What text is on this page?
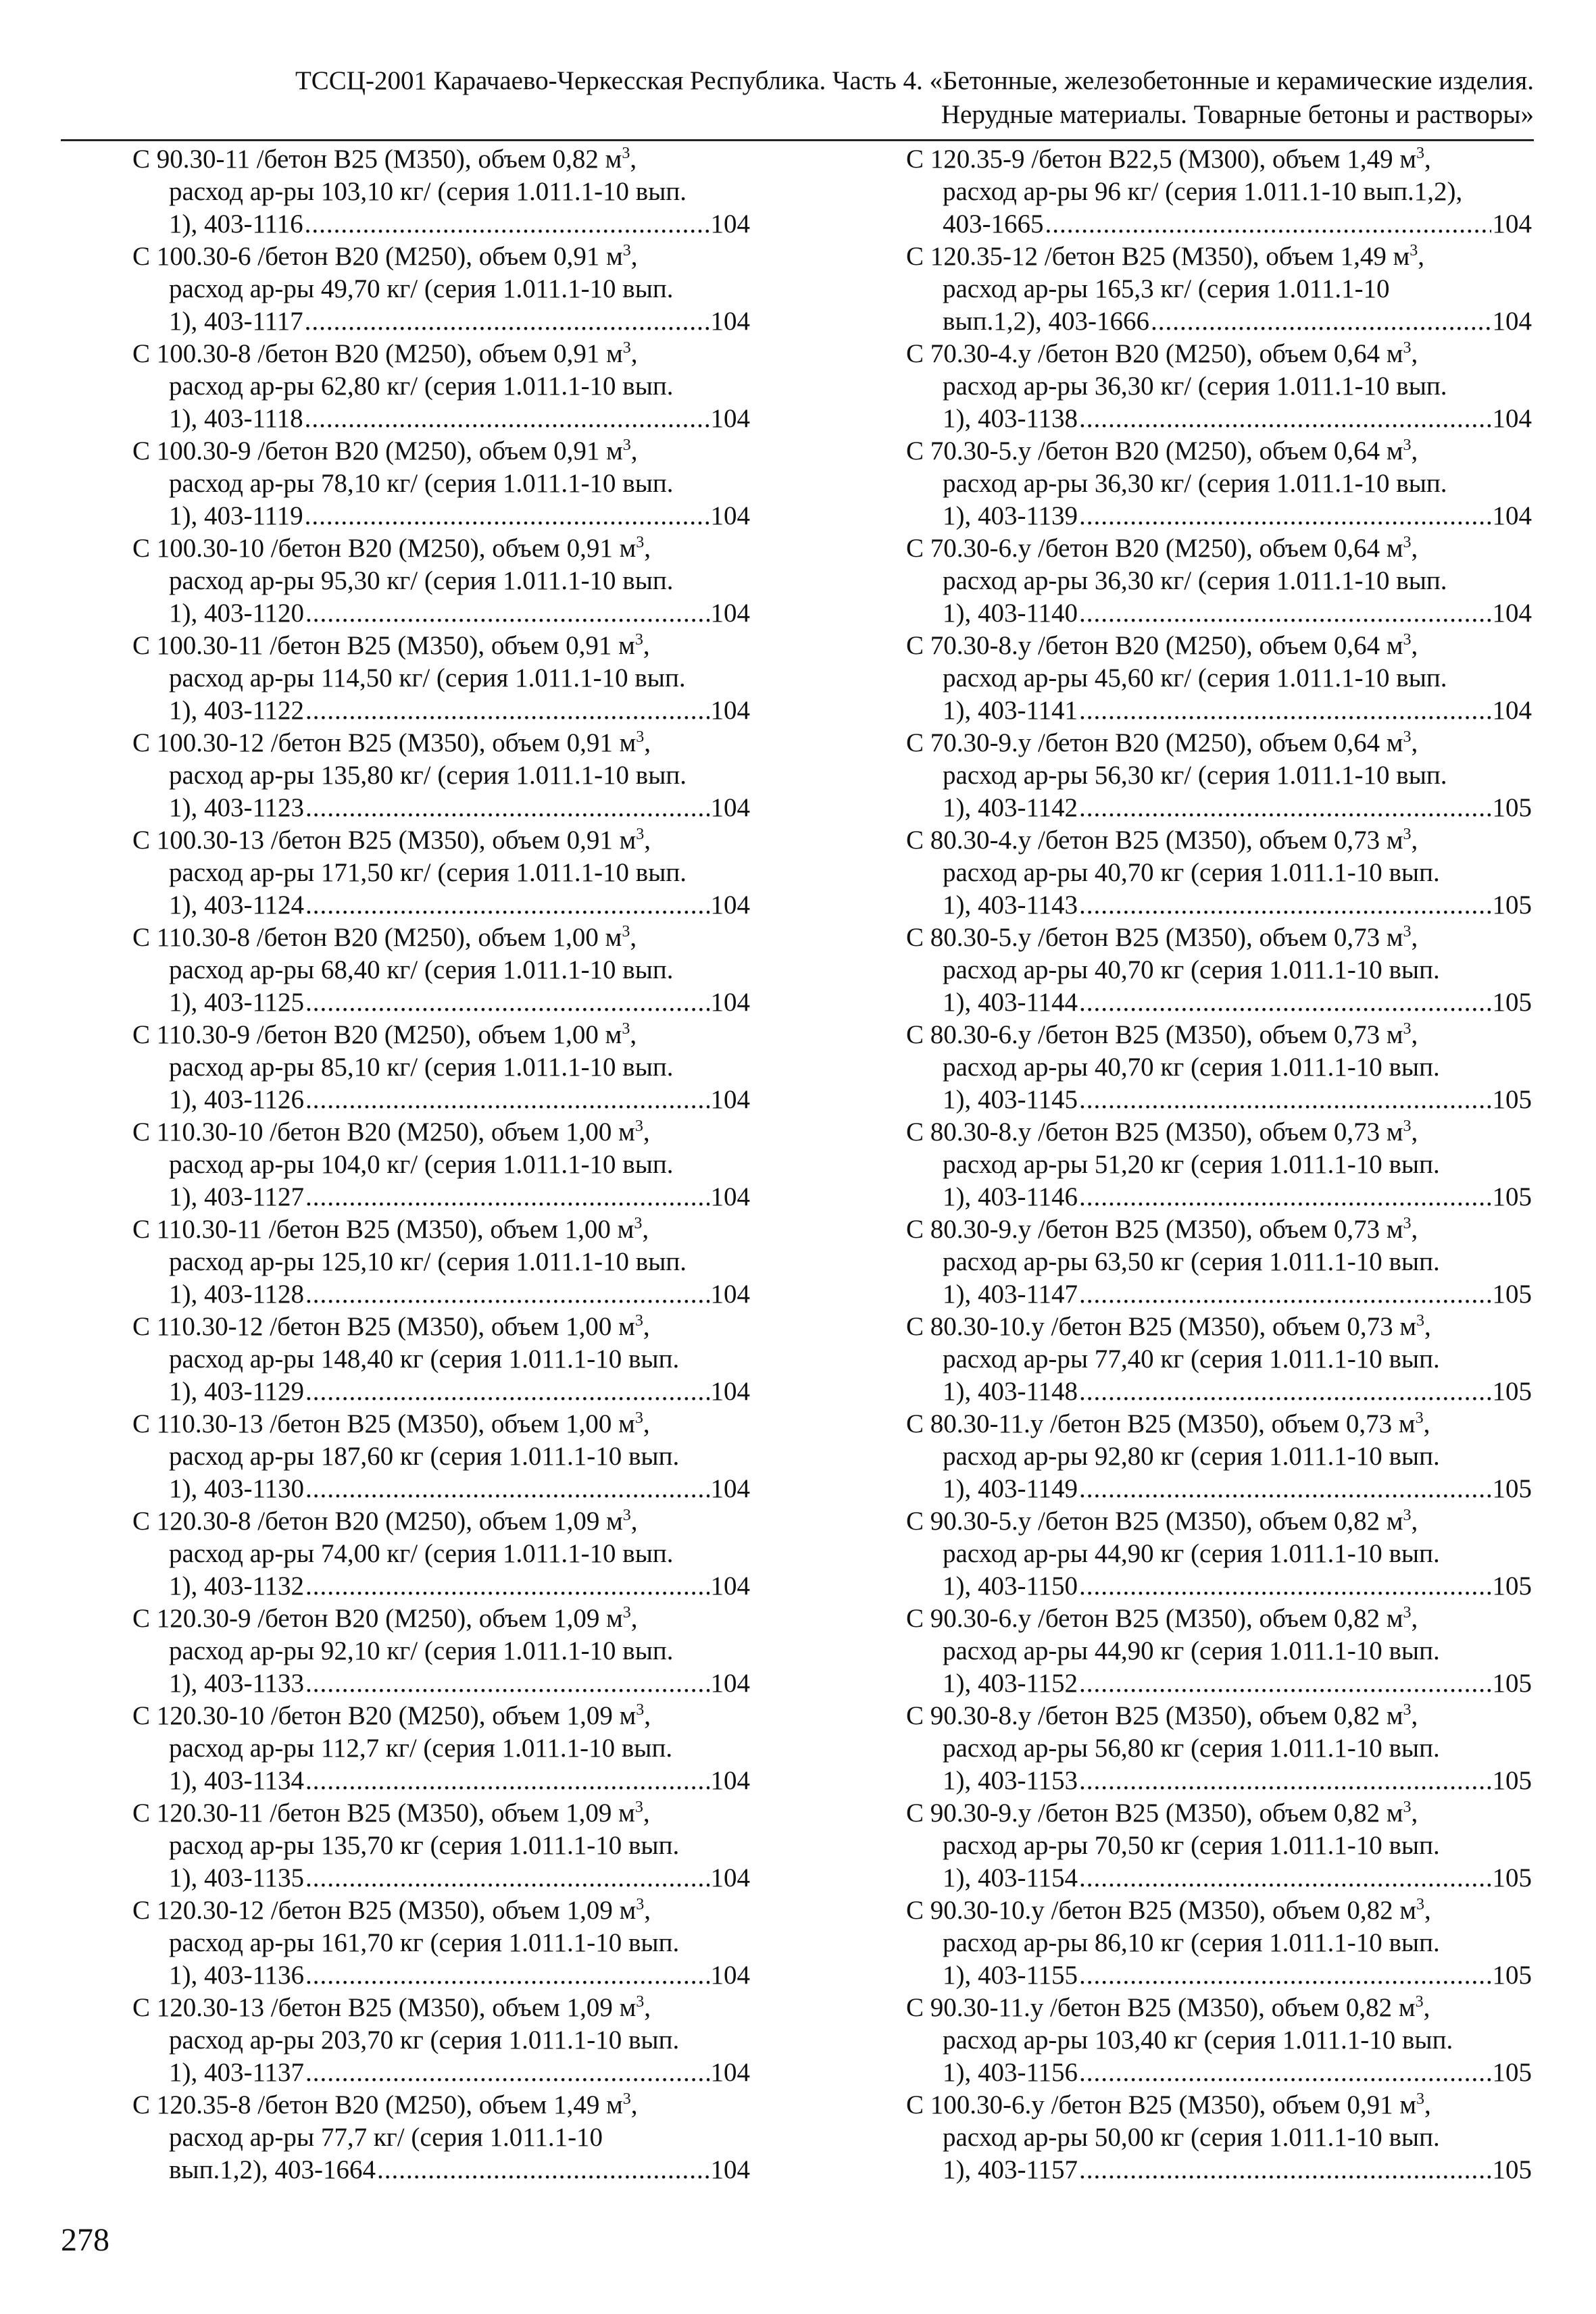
ТССЦ-2001 Карачаево-Черкесская Республика. Часть 4. «Бетонные, железобетонные и керамические изделия.
Нерудные материалы. Товарные бетоны и растворы»
С 90.30-11 /бетон В25 (М350), объем 0,82 $м^3$,
расход ар-ры 103,10 кг/ (серия 1.011.1-10 вып.
1), 403-1116 .....	104
С 100.30-6 /бетон В20 (М250), объем 0,91 $м^3$,
расход ар-ры 49,70 кг/ (серия 1.011.1-10 вып.
1), 403-1117 .....	104
С 100.30-8 /бетон В20 (М250), объем 0,91 $м^3$,
расход ар-ры 62,80 кг/ (серия 1.011.1-10 вып.
1), 403-1118 .....	104
С 100.30-9 /бетон В20 (М250), объем 0,91 $м^3$,
расход ар-ры 78,10 кг/ (серия 1.011.1-10 вып.
1), 403-1119 .....	104
С 100.30-10 /бетон В20 (М250), объем 0,91 $м^3$,
расход ар-ры 95,30 кг/ (серия 1.011.1-10 вып.
1), 403-1120 .....	104
С 100.30-11 /бетон В25 (М350), объем 0,91 $м^3$,
расход ар-ры 114,50 кг/ (серия 1.011.1-10 вып.
1), 403-1122 .....	104
С 100.30-12 /бетон В25 (М350), объем 0,91 $м^3$,
расход ар-ры 135,80 кг/ (серия 1.011.1-10 вып.
1), 403-1123 .....	104
С 100.30-13 /бетон В25 (М350), объем 0,91 $м^3$,
расход ар-ры 171,50 кг/ (серия 1.011.1-10 вып.
1), 403-1124 .....	104
С 110.30-8 /бетон В20 (М250), объем 1,00 $м^3$,
расход ар-ры 68,40 кг/ (серия 1.011.1-10 вып.
1), 403-1125 .....	104
С 110.30-9 /бетон В20 (М250), объем 1,00 $м^3$,
расход ар-ры 85,10 кг/ (серия 1.011.1-10 вып.
1), 403-1126 .....	104
С 110.30-10 /бетон В20 (М250), объем 1,00 $м^3$,
расход ар-ры 104,0 кг/ (серия 1.011.1-10 вып.
1), 403-1127 .....	104
С 110.30-11 /бетон В25 (М350), объем 1,00 $м^3$,
расход ар-ры 125,10 кг/ (серия 1.011.1-10 вып.
1), 403-1128 .....	104
С 110.30-12 /бетон В25 (М350), объем 1,00 $м^3$,
расход ар-ры 148,40 кг (серия 1.011.1-10 вып.
1), 403-1129 .....	104
С 110.30-13 /бетон В25 (М350), объем 1,00 $м^3$,
расход ар-ры 187,60 кг (серия 1.011.1-10 вып.
1), 403-1130 .....	104
С 120.30-8 /бетон В20 (М250), объем 1,09 $м^3$,
расход ар-ры 74,00 кг/ (серия 1.011.1-10 вып.
1), 403-1132 .....	104
С 120.30-9 /бетон В20 (М250), объем 1,09 $м^3$,
расход ар-ры 92,10 кг/ (серия 1.011.1-10 вып.
1), 403-1133 .....	104
С 120.30-10 /бетон В20 (М250), объем 1,09 $м^3$,
расход ар-ры 112,7 кг/ (серия 1.011.1-10 вып.
1), 403-1134 .....	104
С 120.30-11 /бетон В25 (М350), объем 1,09 $м^3$,
расход ар-ры 135,70 кг (серия 1.011.1-10 вып.
1), 403-1135 .....	104
С 120.30-12 /бетон В25 (М350), объем 1,09 $м^3$,
расход ар-ры 161,70 кг (серия 1.011.1-10 вып.
1), 403-1136 .....	104
С 120.30-13 /бетон В25 (М350), объем 1,09 $м^3$,
расход ар-ры 203,70 кг (серия 1.011.1-10 вып.
1), 403-1137 .....	104
С 120.35-8 /бетон В20 (М250), объем 1,49 $м^3$,
расход ар-ры 77,7 кг/ (серия 1.011.1-10
вып.1,2), 403-1664 .....	104
С 120.35-9 /бетон В22,5 (М300), объем 1,49 $м^3$,
расход ар-ры 96 кг/ (серия 1.011.1-10 вып.1,2),
403-1665 .....	104
С 120.35-12 /бетон В25 (М350), объем 1,49 $м^3$,
расход ар-ры 165,3 кг/ (серия 1.011.1-10
вып.1,2), 403-1666 .....	104
С 70.30-4.у /бетон В20 (М250), объем 0,64 $м^3$,
расход ар-ры 36,30 кг/ (серия 1.011.1-10 вып.
1), 403-1138 .....	104
С 70.30-5.у /бетон В20 (М250), объем 0,64 $м^3$,
расход ар-ры 36,30 кг/ (серия 1.011.1-10 вып.
1), 403-1139 .....	104
С 70.30-6.у /бетон В20 (М250), объем 0,64 $м^3$,
расход ар-ры 36,30 кг/ (серия 1.011.1-10 вып.
1), 403-1140 .....	104
С 70.30-8.у /бетон В20 (М250), объем 0,64 $м^3$,
расход ар-ры 45,60 кг/ (серия 1.011.1-10 вып.
1), 403-1141 .....	104
С 70.30-9.у /бетон В20 (М250), объем 0,64 $м^3$,
расход ар-ры 56,30 кг/ (серия 1.011.1-10 вып.
1), 403-1142 .....	105
С 80.30-4.у /бетон В25 (М350), объем 0,73 $м^3$,
расход ар-ры 40,70 кг (серия 1.011.1-10 вып.
1), 403-1143 .....	105
С 80.30-5.у /бетон В25 (М350), объем 0,73 $м^3$,
расход ар-ры 40,70 кг (серия 1.011.1-10 вып.
1), 403-1144 .....	105
С 80.30-6.у /бетон В25 (М350), объем 0,73 $м^3$,
расход ар-ры 40,70 кг (серия 1.011.1-10 вып.
1), 403-1145 .....	105
С 80.30-8.у /бетон В25 (М350), объем 0,73 $м^3$,
расход ар-ры 51,20 кг (серия 1.011.1-10 вып.
1), 403-1146 .....	105
С 80.30-9.у /бетон В25 (М350), объем 0,73 $м^3$,
расход ар-ры 63,50 кг (серия 1.011.1-10 вып.
1), 403-1147 .....	105
С 80.30-10.у /бетон В25 (М350), объем 0,73 $м^3$,
расход ар-ры 77,40 кг (серия 1.011.1-10 вып.
1), 403-1148 .....	105
С 80.30-11.у /бетон В25 (М350), объем 0,73 $м^3$,
расход ар-ры 92,80 кг (серия 1.011.1-10 вып.
1), 403-1149 .....	105
С 90.30-5.у /бетон В25 (М350), объем 0,82 $м^3$,
расход ар-ры 44,90 кг (серия 1.011.1-10 вып.
1), 403-1150 .....	105
С 90.30-6.у /бетон В25 (М350), объем 0,82 $м^3$,
расход ар-ры 44,90 кг (серия 1.011.1-10 вып.
1), 403-1152 .....	105
С 90.30-8.у /бетон В25 (М350), объем 0,82 $м^3$,
расход ар-ры 56,80 кг (серия 1.011.1-10 вып.
1), 403-1153 .....	105
С 90.30-9.у /бетон В25 (М350), объем 0,82 $м^3$,
расход ар-ры 70,50 кг (серия 1.011.1-10 вып.
1), 403-1154 .....	105
С 90.30-10.у /бетон В25 (М350), объем 0,82 $м^3$,
расход ар-ры 86,10 кг (серия 1.011.1-10 вып.
1), 403-1155 .....	105
С 90.30-11.у /бетон В25 (М350), объем 0,82 $м^3$,
расход ар-ры 103,40 кг (серия 1.011.1-10 вып.
1), 403-1156 .....	105
С 100.30-6.у /бетон В25 (М350), объем 0,91 $м^3$,
расход ар-ры 50,00 кг (серия 1.011.1-10 вып.
1), 403-1157 .....	105
278
